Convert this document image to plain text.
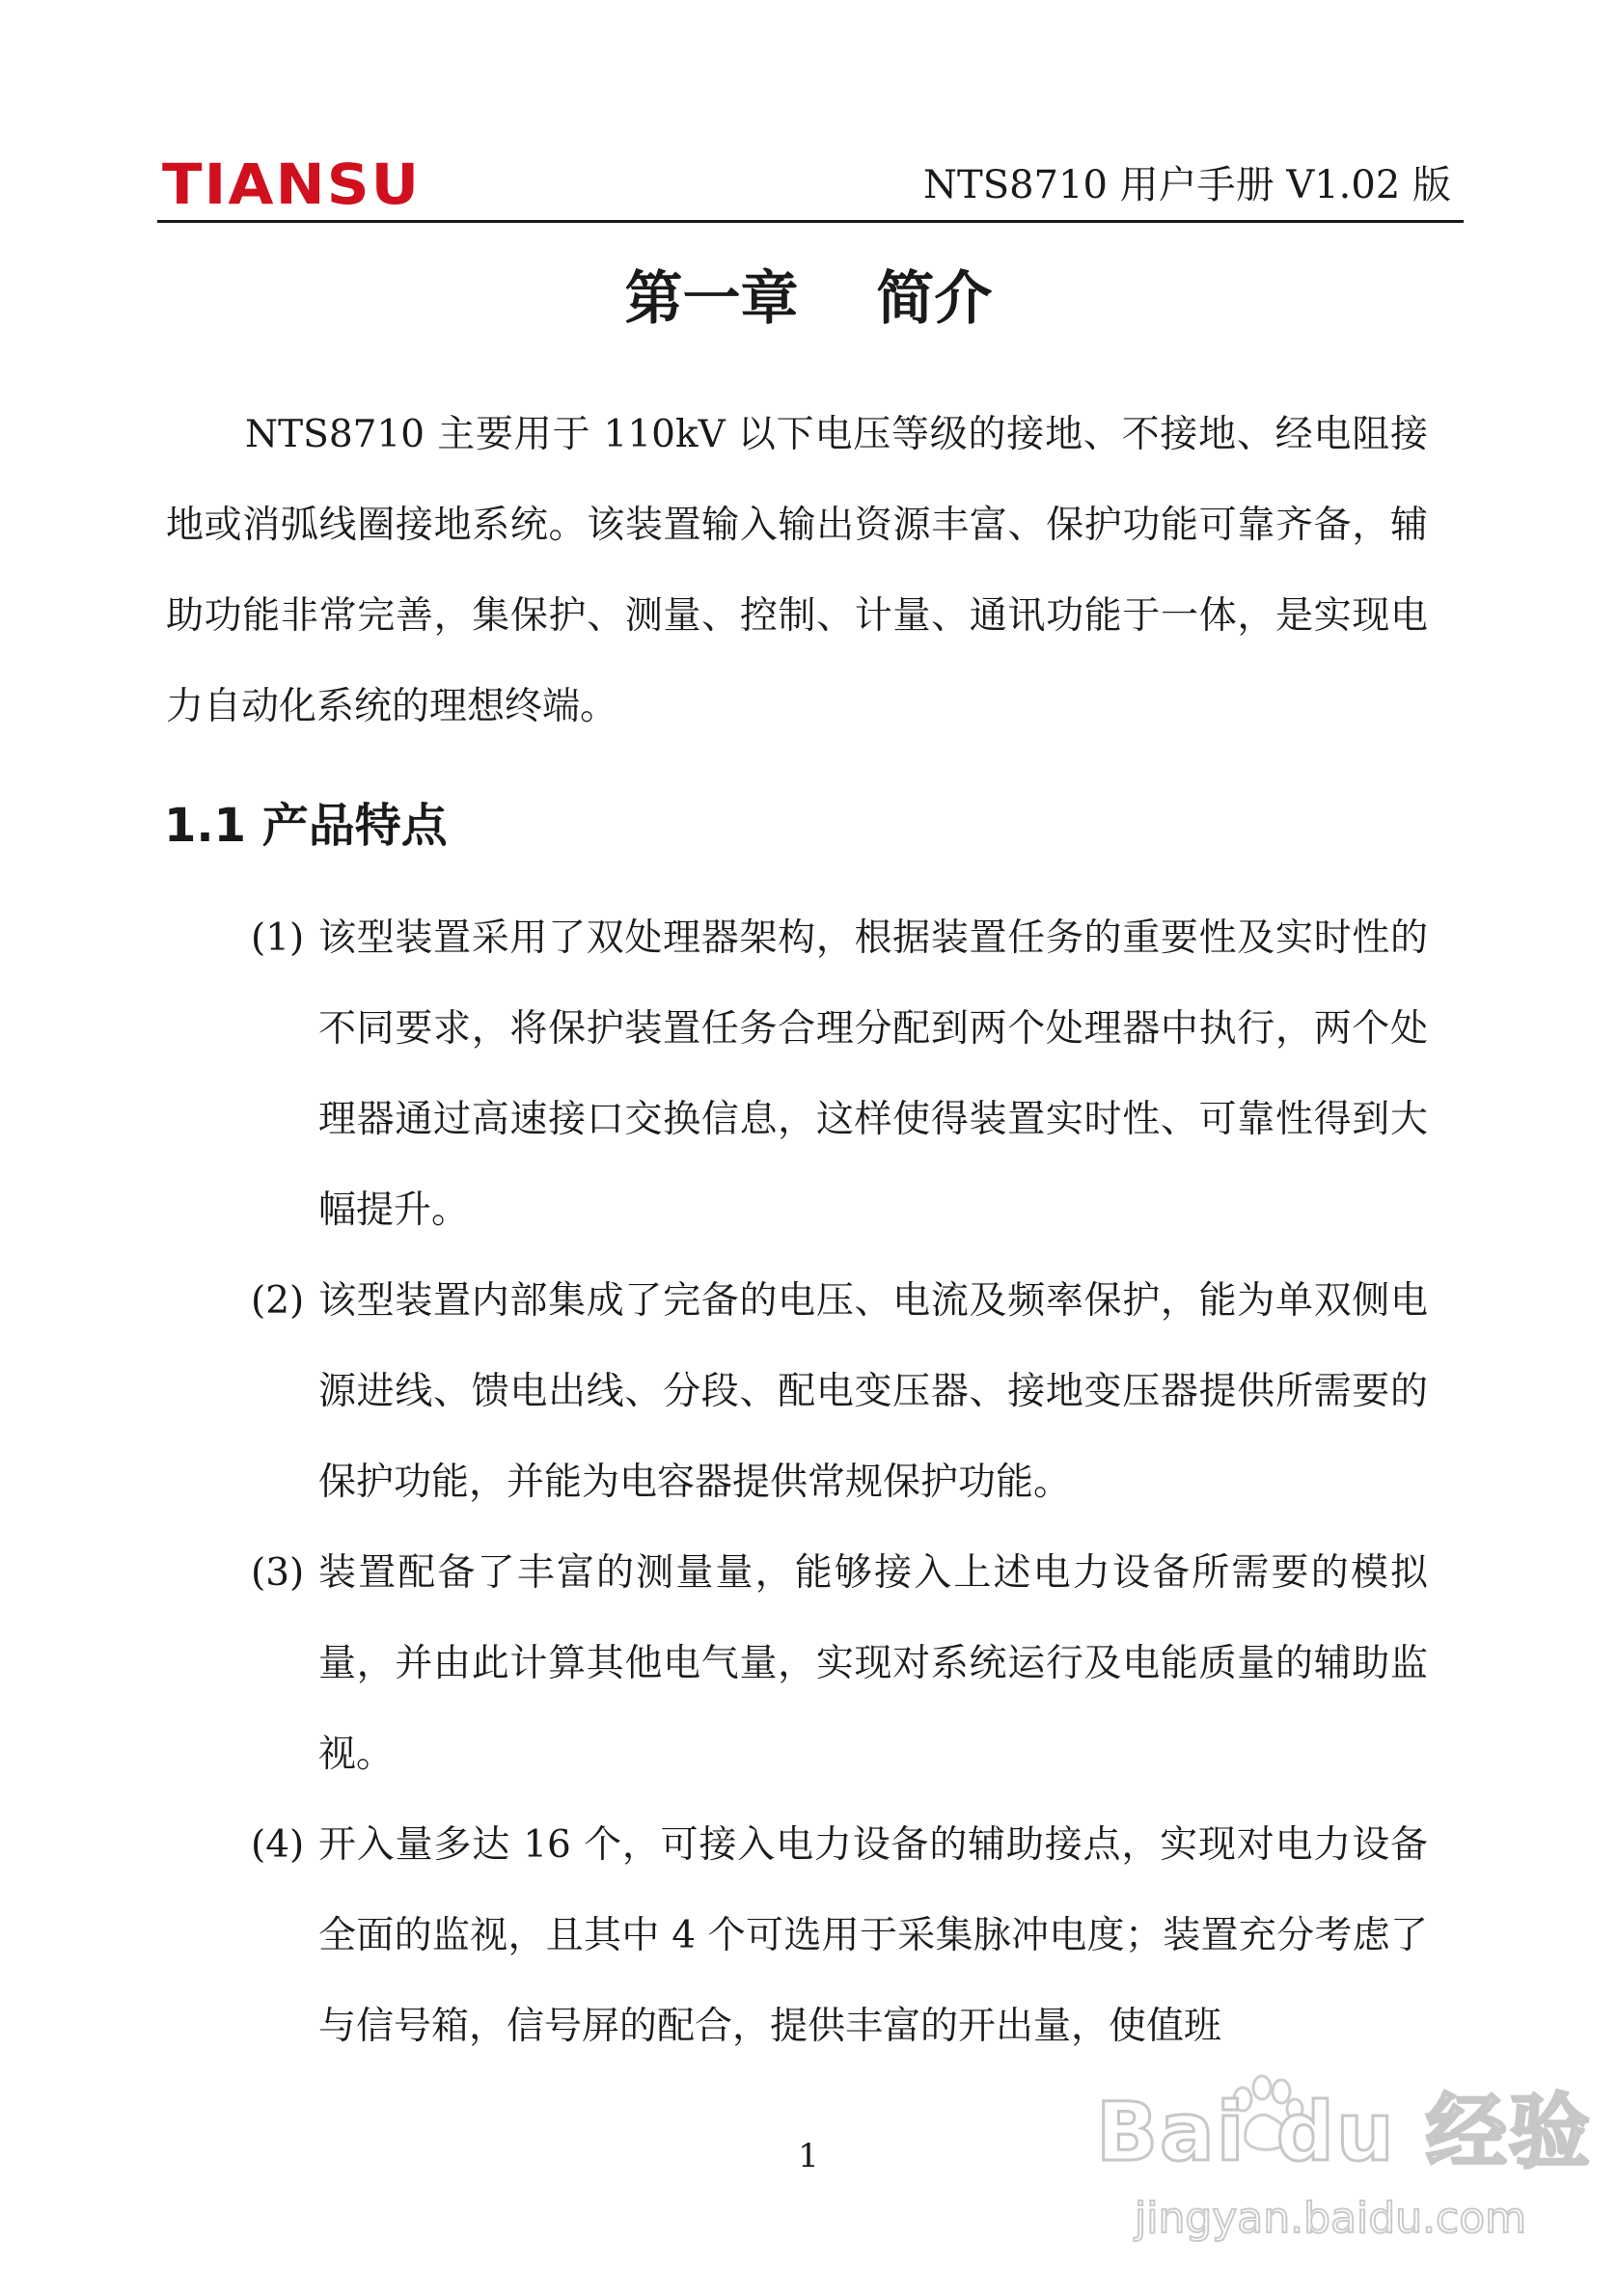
TIANSU	NTS8710 用户手册 V1.02 版
第一章　 简介

NTS8710 主要用于 110kV 以下电压等级的接地、不接地、经电阻接地或消弧线圈接地系统。该装置输入输出资源丰富、保护功能可靠齐备，辅助功能非常完善，集保护、测量、控制、计量、通讯功能于一体，是实现电力自动化系统的理想终端。

1.1 产品特点
(1) 该型装置采用了双处理器架构，根据装置任务的重要性及实时性的不同要求，将保护装置任务合理分配到两个处理器中执行，两个处理器通过高速接口交换信息，这样使得装置实时性、可靠性得到大幅提升。
(2) 该型装置内部集成了完备的电压、电流及频率保护，能为单双侧电源进线、馈电出线、分段、配电变压器、接地变压器提供所需要的保护功能，并能为电容器提供常规保护功能。
(3) 装置配备了丰富的测量量，能够接入上述电力设备所需要的模拟量，并由此计算其他电气量，实现对系统运行及电能质量的辅助监视。
(4) 开入量多达 16 个，可接入电力设备的辅助接点，实现对电力设备全面的监视，且其中 4 个可选用于采集脉冲电度；装置充分考虑了与信号箱，信号屏的配合，提供丰富的开出量，使值班
1	Bai du 经验
jingyan.baidu.com
